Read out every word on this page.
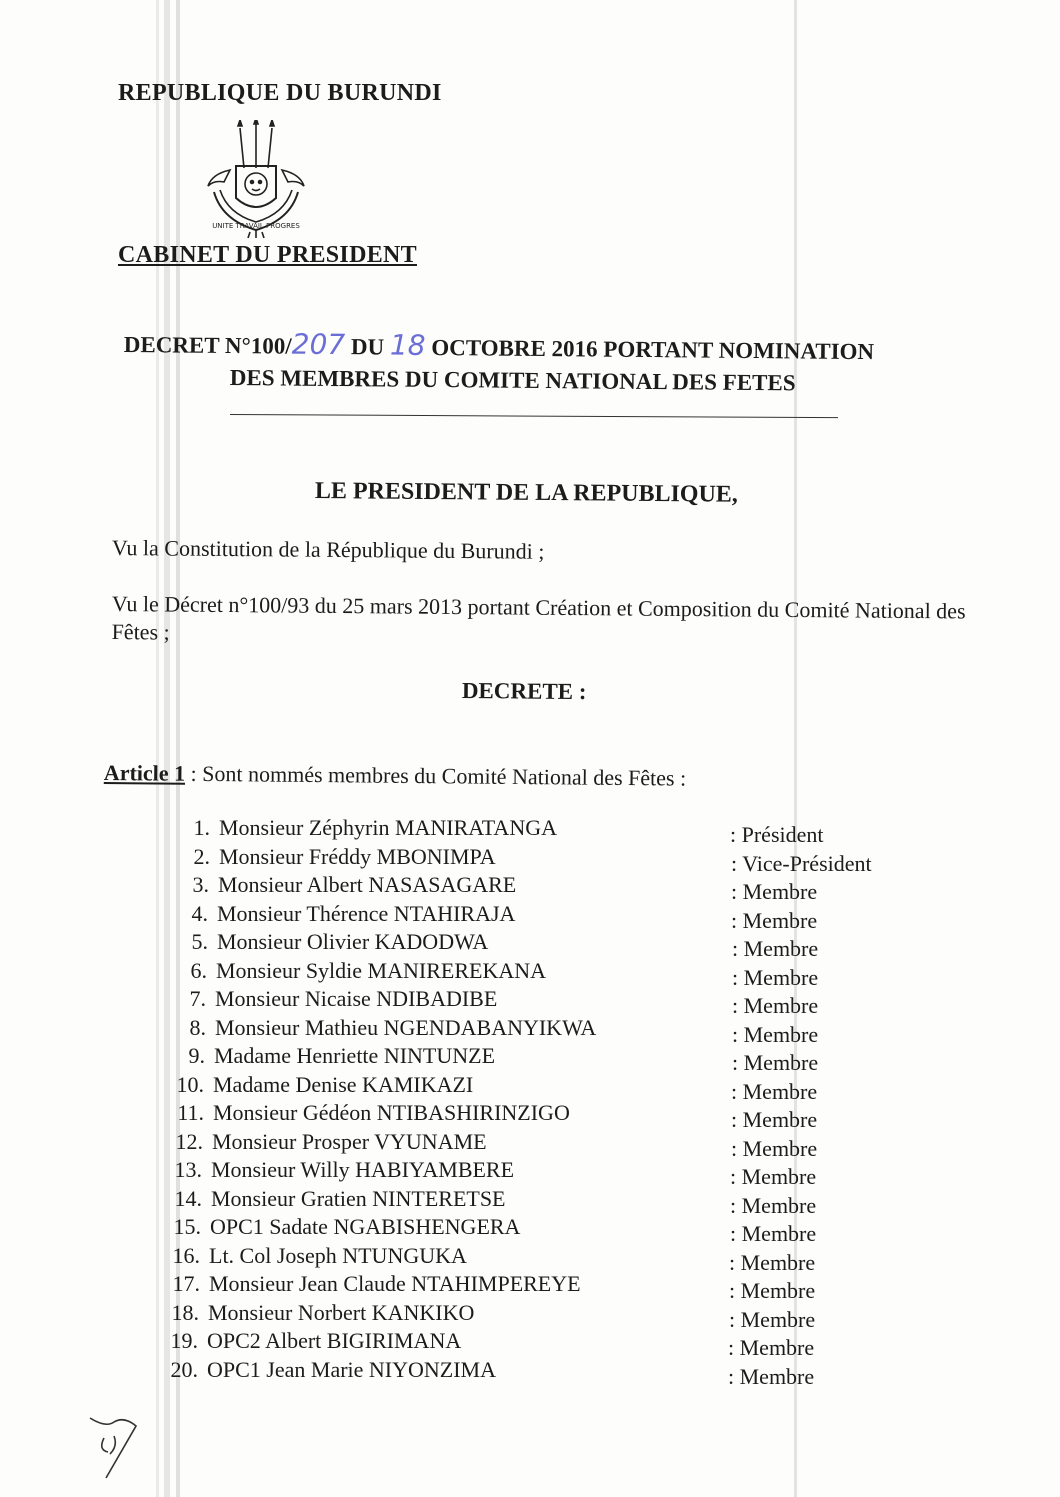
REPUBLIQUE DU BURUNDI
UNITE TRAVAIL PROGRES
CABINET DU PRESIDENT
DECRET N°100/207 DU 18 OCTOBRE 2016 PORTANT NOMINATION
DES MEMBRES DU COMITE NATIONAL DES FETES
LE PRESIDENT DE LA REPUBLIQUE,
Vu la Constitution de la République du Burundi ;
Vu le Décret n°100/93 du 25 mars 2013 portant Création et Composition du Comité National des Fêtes ;
DECRETE :
Article 1 : Sont nommés membres du Comité National des Fêtes :
1. Monsieur Zéphyrin MANIRATANGA	: Président
2. Monsieur Fréddy MBONIMPA	: Vice-Président
3. Monsieur Albert NASASAGARE	: Membre
4. Monsieur Thérence NTAHIRAJA	: Membre
5. Monsieur Olivier KADODWA	: Membre
6. Monsieur Syldie MANIREREKANA	: Membre
7. Monsieur Nicaise NDIBADIBE	: Membre
8. Monsieur Mathieu NGENDABANYIKWA	: Membre
9. Madame Henriette NINTUNZE	: Membre
10. Madame Denise KAMIKAZI	: Membre
11. Monsieur Gédéon NTIBASHIRINZIGO	: Membre
12. Monsieur Prosper VYUNAME	: Membre
13. Monsieur Willy HABIYAMBERE	: Membre
14. Monsieur Gratien NINTERETSE	: Membre
15. OPC1 Sadate NGABISHENGERA	: Membre
16. Lt. Col Joseph NTUNGUKA	: Membre
17. Monsieur Jean Claude NTAHIMPEREYE	: Membre
18. Monsieur Norbert KANKIKO	: Membre
19. OPC2 Albert BIGIRIMANA	: Membre
20. OPC1 Jean Marie NIYONZIMA	: Membre
